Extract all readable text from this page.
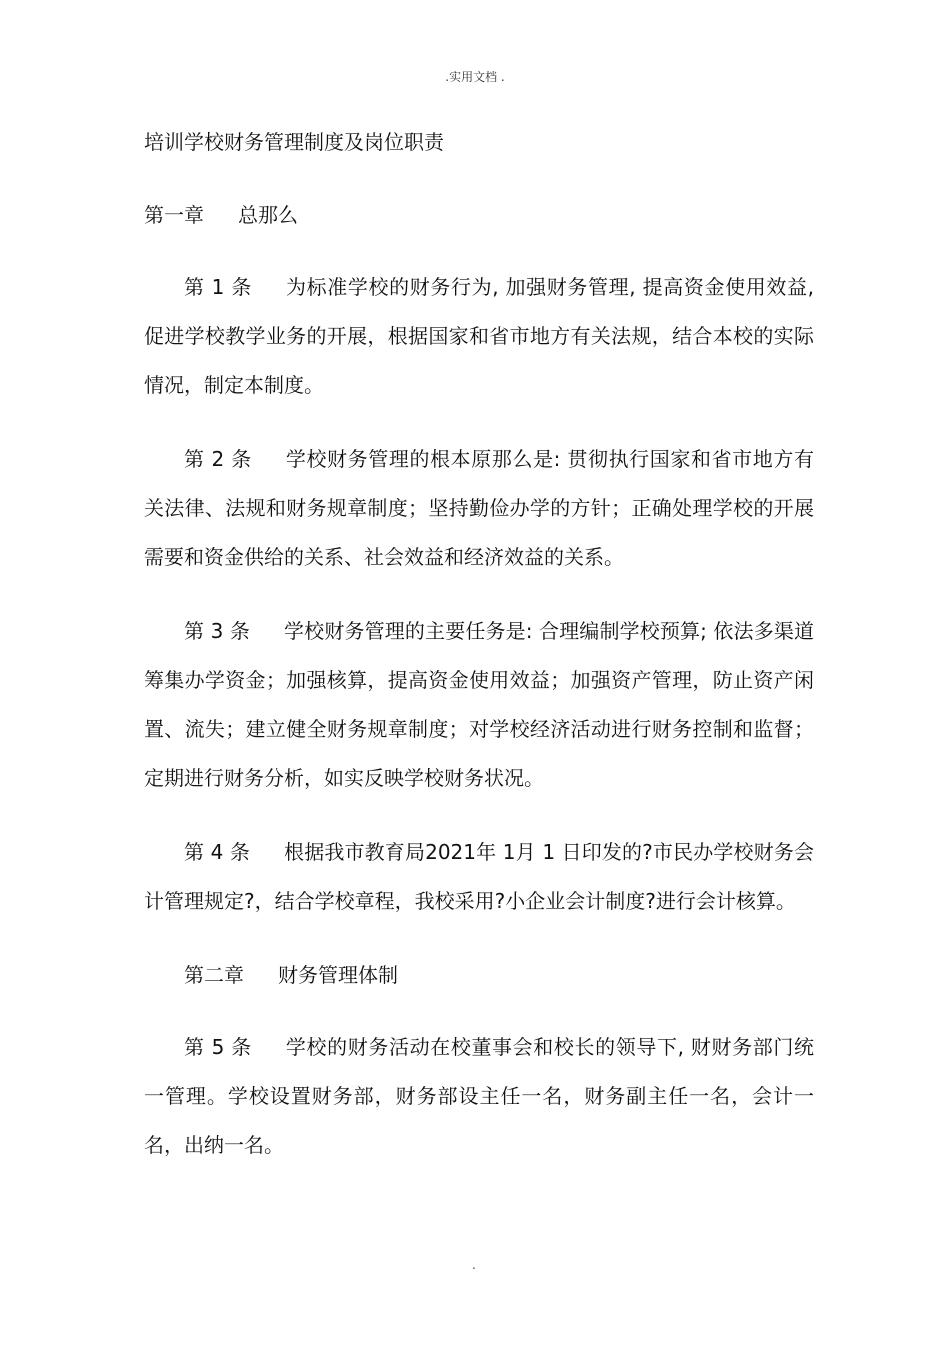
.实用文档 .
培训学校财务管理制度及岗位职责
第一章 总那么
第 1 条 为标准学校的财务行为, 加强财务管理, 提高资金使用效益, 促进学校教学业务的开展，根据国家和省市地方有关法规，结合本校的实际情况，制定本制度。
第 2 条 学校财务管理的根本原那么是: 贯彻执行国家和省市地方有关法律、法规和财务规章制度；坚持勤俭办学的方针；正确处理学校的开展需要和资金供给的关系、社会效益和经济效益的关系。
第 3 条 学校财务管理的主要任务是: 合理编制学校预算; 依法多渠道筹集办学资金；加强核算，提高资金使用效益；加强资产管理，防止资产闲置、流失；建立健全财务规章制度；对学校经济活动进行财务控制和监督；定期进行财务分析，如实反映学校财务状况。
第 4 条 根据我市教育局2021年 1月 1 日印发的?市民办学校财务会计管理规定?，结合学校章程，我校采用?小企业会计制度?进行会计核算。
第二章 财务管理体制
第 5 条 学校的财务活动在校董事会和校长的领导下, 财财务部门统一管理。学校设置财务部，财务部设主任一名，财务副主任一名，会计一名，出纳一名。
.
